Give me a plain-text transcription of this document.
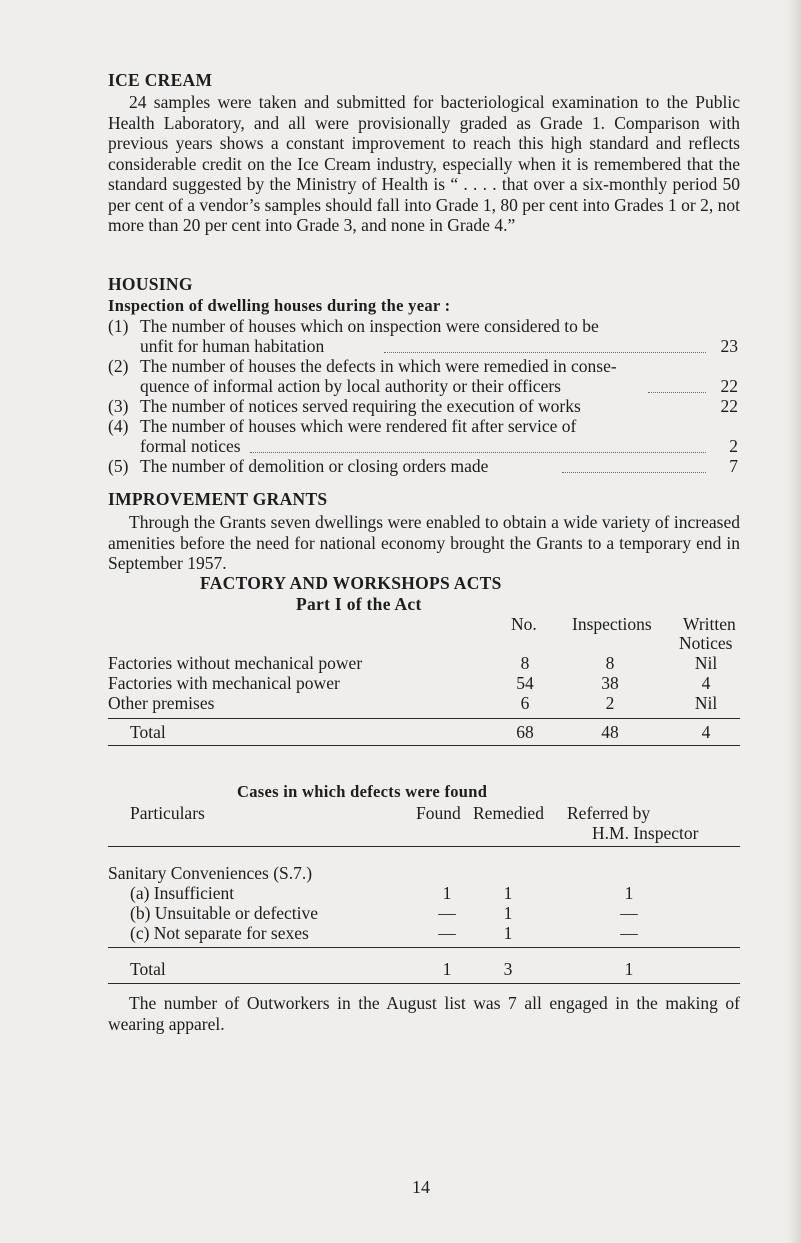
ICE CREAM
24 samples were taken and submitted for bacteriological examination to the Public Health Laboratory, and all were provisionally graded as Grade 1. Comparison with previous years shows a constant improvement to reach this high standard and reflects considerable credit on the Ice Cream industry, especially when it is remembered that the standard suggested by the Ministry of Health is “ . . . . that over a six-monthly period 50 per cent of a vendor’s samples should fall into Grade 1, 80 per cent into Grades 1 or 2, not more than 20 per cent into Grade 3, and none in Grade 4.”
HOUSING
Inspection of dwelling houses during the year :
(1) The number of houses which on inspection were considered to be
unfit for human habitation	23
(2) The number of houses the defects in which were remedied in conse-
quence of informal action by local authority or their officers	22
(3) The number of notices served requiring the execution of works	22
(4) The number of houses which were rendered fit after service of
formal notices	2
(5) The number of demolition or closing orders made	7
IMPROVEMENT GRANTS
Through the Grants seven dwellings were enabled to obtain a wide variety of increased amenities before the need for national economy brought the Grants to a temporary end in September 1957.
FACTORY AND WORKSHOPS ACTS
Part I of the Act
No. Inspections Written
Notices
Factories without mechanical power	8	8	Nil
Factories with mechanical power	54	38	4
Other premises	6	2	Nil
Total	68	48	4
Cases in which defects were found
Particulars	Found Remedied Referred by
H.M. Inspector
Sanitary Conveniences (S.7.)
(a) Insufficient	1	1	1
(b) Unsuitable or defective	—	1	—
(c) Not separate for sexes	—	1	—
Total	1	3	1
The number of Outworkers in the August list was 7 all engaged in the making of wearing apparel.
14
